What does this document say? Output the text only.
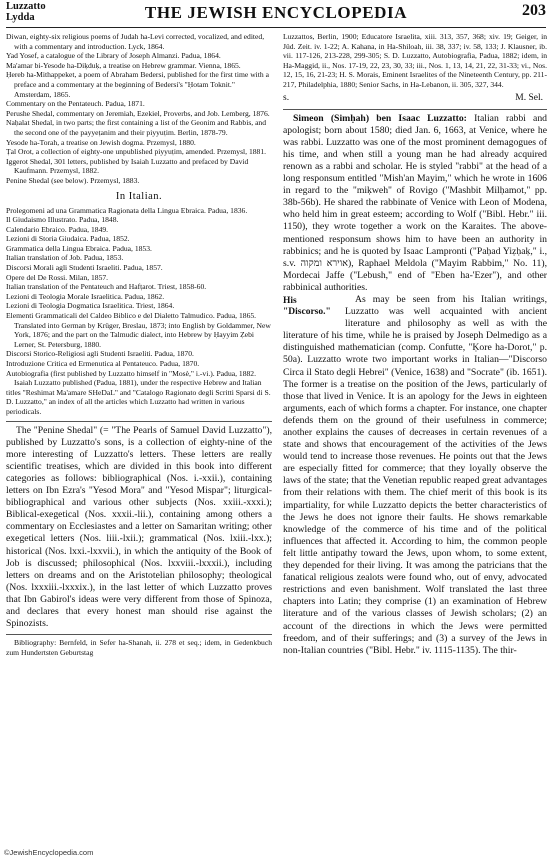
Luzzatto
Lydda	THE JEWISH ENCYCLOPEDIA	203

Diwan, eighty-six religious poems of Judah ha-Levi corrected, vocalized, and edited, with a commentary and introduction. Lyck, 1864.

Yad Yosef, a catalogue of the Library of Joseph Almanzi. Padua, 1864.

Ma'amar bi-Yesode ha-Diḳduḳ, a treatise on Hebrew grammar. Vienna, 1865.

Ḥereb ha-Mithappeket, a poem of Abraham Bedersi, published for the first time with a preface and a commentary at the beginning of Bedersi's "Ḥotam Toknit." Amsterdam, 1865.

Commentary on the Pentateuch. Padua, 1871.

Perushe Shedal, commentary on Jeremiah, Ezekiel, Proverbs, and Job. Lemberg, 1876.

Naḥalat Shedal, in two parts; the first containing a list of the Geonim and Rabbis, and the second one of the payyeṭanim and their piyyuṭim. Berlin, 1878-79.

Yesode ha-Torah, a treatise on Jewish dogma. Przemysl, 1880.

Ṭal Orot, a collection of eighty-one unpublished piyyuṭim, amended. Przemysl, 1881.

Iggerot Shedal, 301 letters, published by Isaiah Luzzatto and prefaced by David Kaufmann. Przemysl, 1882.

Penine Shedal (see below). Przemysl, 1883.

In Italian.

Prolegomeni ad una Grammatica Ragionata della Lingua Ebraica. Padua, 1836.

Il Giudaismo Illustrato. Padua, 1848.

Calendario Ebraico. Padua, 1849.

Lezioni di Storia Giudaica. Padua, 1852.

Grammatica della Lingua Ebraica. Padua, 1853.

Italian translation of Job. Padua, 1853.

Discorsi Morali agli Studenti Israeliti. Padua, 1857.

Opere del De Rossi. Milan, 1857.

Italian translation of the Pentateuch and Hafṭarot. Triest, 1858-60.

Lezioni di Teologia Morale Israelitica. Padua, 1862.

Lezioni di Teologia Dogmatica Israelitica. Triest, 1864.

Elementi Grammaticali del Caldeo Biblico e del Dialetto Talmudico. Padua, 1865. Translated into German by Krüger, Breslau, 1873; into English by Goldammer, New York, 1876; and the part on the Talmudic dialect, into Hebrew by Ḥayyim Ẓebi Lerner, St. Petersburg, 1880.

Discorsi Storico-Religiosi agli Studenti Israeliti. Padua, 1870.

Introduzione Critica ed Ermenutica al Pentateuco. Padua, 1870.

Autobiografia (first published by Luzzatto himself in "Mosè," i.-vi.). Padua, 1882.

Isaiah Luzzatto published (Padua, 1881), under the respective Hebrew and Italian titles "Reshimat Ma'amare SHeDaL" and "Catalogo Ragionato degli Scritti Sparsi di S. D. Luzzatto," an index of all the articles which Luzzatto had written in various periodicals.

The "Penine Shedal" (= "The Pearls of Samuel David Luzzatto"), published by Luzzatto's sons, is a collection of eighty-nine of the more interesting of Luzzatto's letters. These letters are really scientific treatises, which are divided in this book into different categories as follows: bibliographical (Nos. i.-xxii.), containing letters on Ibn Ezra's "Yesod Mora" and "Yesod Mispar"; liturgical-bibliographical and various other subjects (Nos. xxiii.-xxxi.); Biblical-exegetical (Nos. xxxii.-lii.), containing among others a commentary on Ecclesiastes and a letter on Samaritan writing; other exegetical letters (Nos. liii.-lxii.); grammatical (Nos. lxiii.-lxx.); historical (Nos. lxxi.-lxxvii.), in which the antiquity of the Book of Job is discussed; philosophical (Nos. lxxviii.-lxxxii.), including letters on dreams and on the Aristotelian philosophy; theological (Nos. lxxxiii.-lxxxix.), in the last letter of which Luzzatto proves that Ibn Gabirol's ideas were very different from those of Spinoza, and declares that every honest man should rise against the Spinozists.

Bibliography: Bernfeld, in Sefer ha-Shanah, ii. 278 et seq.; idem, in Gedenkbuch zum Hundertsten Geburtstag

Luzzattos, Berlin, 1900; Educatore Israelita, xiii. 313, 357, 368; xiv. 19; Geiger, in Jüd. Zeit. iv. 1-22; A. Kahana, in Ha-Shiloah, iii. 38, 337; iv. 58, 133; J. Klausner, ib. vii. 117-126, 213-228, 299-305; S. D. Luzzatto, Autobiografia, Padua, 1882; idem, in Ha-Maggid, ii., Nos. 17-19, 22, 23, 30, 33; iii., Nos. 1, 13, 14, 21, 22, 31-33; vi., Nos. 12, 15, 16, 21-23; H. S. Morais, Eminent Israelites of the Nineteenth Century, pp. 211-217, Philadelphia, 1880; Senior Sachs, in Ha-Lebanon, ii. 305, 327, 344.

s.	M. Sel.

Simeon (Simḥah) ben Isaac Luzzatto: Italian rabbi and apologist; born about 1580; died Jan. 6, 1663, at Venice, where he was rabbi. Luzzatto was one of the most prominent demagogues of his time, and when still a young man he had already acquired renown as a rabbi and scholar. He is styled "rabbi" at the head of a long responsum entitled "Mish'an Mayim," which he wrote in 1606 in regard to the "miḳweh" of Rovigo ("Mashbit Milḥamot," pp. 38b-56b). He shared the rabbinate of Venice with Leon of Modena, who held him in great esteem; according to Wolf ("Bibl. Hebr." iii. 1150), they wrote together a work on the Karaites. The above-mentioned responsum shows him to have been an authority in rabbinics; and he is quoted by Isaac Lampronti ("Paḥad Yiẓḥaḳ," i., s.v. אוירא ומקוה), Raphael Meldola ("Mayim Rabbim," No. 11), Mordecai Jaffe ("Lebush," end of "Eben ha-'Ezer"), and other rabbinical authorities.

His "Discorso."

As may be seen from his Italian writings, Luzzatto was well acquainted with ancient literature and philosophy as well as with the literature of his time, while he is praised by Joseph Delmedigo as a distinguished mathematician (comp. Confutte, "Ḳore ha-Dorot," p. 50a). Luzzatto wrote two important works in Italian—"Discorso Circa il Stato degli Hebrei" (Venice, 1638) and "Socrate" (ib. 1651). The former is a treatise on the position of the Jews, particularly of those that lived in Venice. It is an apology for the Jews in eighteen arguments, each of which forms a chapter. For instance, one chapter defends them on the ground of their usefulness in commerce; another explains the causes of decreases in certain revenues of a state and shows that encouragement of the activities of the Jews would tend to increase those revenues. He points out that the Jews are especially fitted for commerce; that they loyally observe the laws of the state; that the Venetian republic reaped great advantages from their relations with them. The chief merit of this book is its impartiality, for while Luzzatto depicts the better characteristics of the Jews he does not ignore their faults. He shows remarkable knowledge of the commerce of his time and of the political influences that affected it. According to him, the common people felt little antipathy toward the Jews, upon whom, to some extent, they depended for their living. It was among the patricians that the fanatical religious zealots were found who, out of envy, advocated restrictions and even banishment. Wolf translated the last three chapters into Latin; they comprise (1) an examination of Hebrew literature and of the various classes of Jewish scholars; (2) an account of the directions in which the Jews were permitted freedom, and of their sufferings; and (3) a survey of the Jews in non-Italian countries ("Bibl. Hebr." iv. 1115-1135). The thir-

©JewishEncyclopedia.com
